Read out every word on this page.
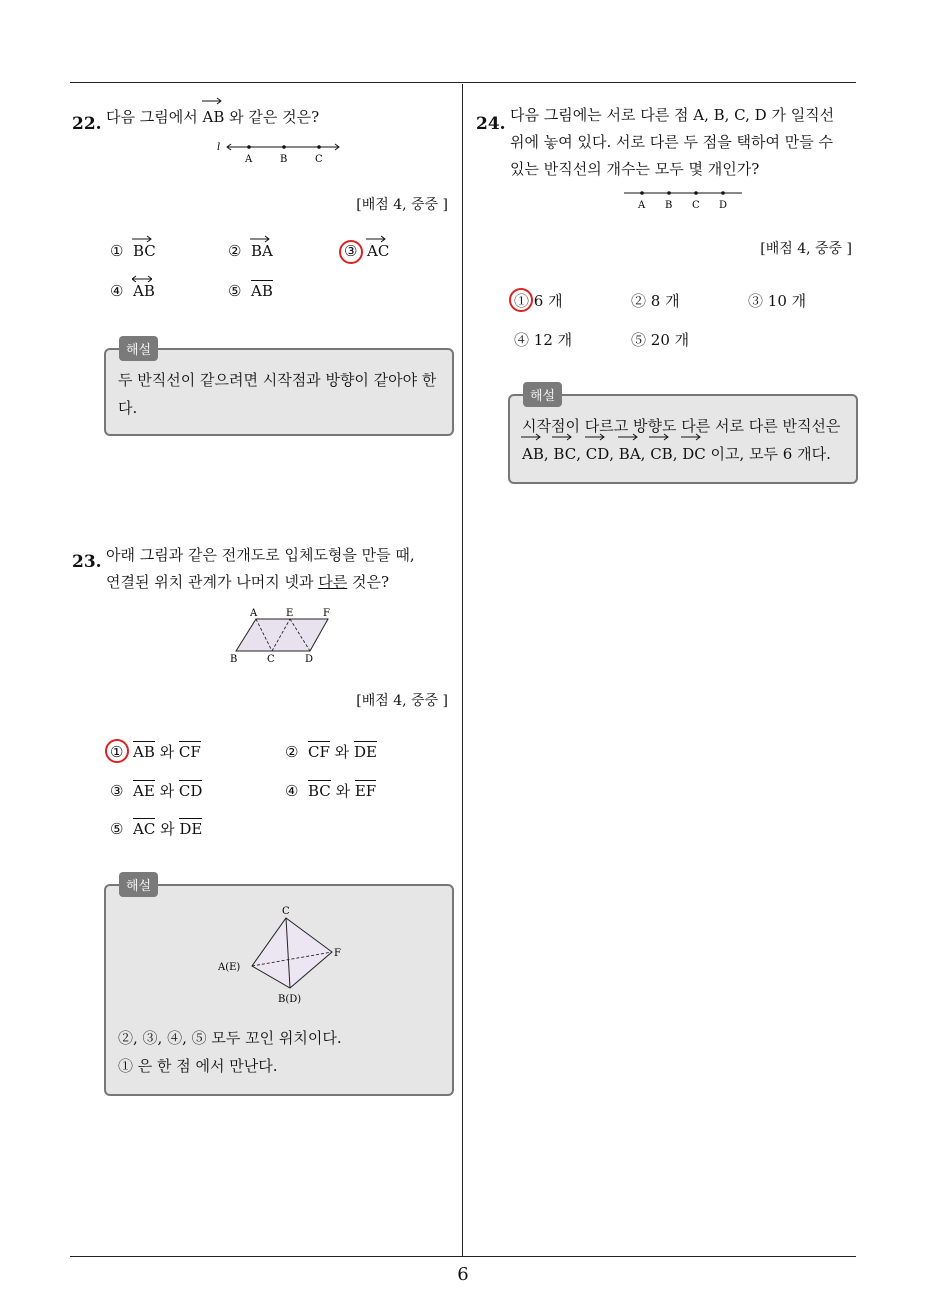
6
22. 다음 그림에서 AB 와 같은 것은?
l
A	B	C
[배점 4, 중중 ]
① BC	② BA	③ AC
④ AB	⑤ AB
두 반직선이 같으려면 시작점과 방향이 같아야 한
다.
해설
23. 아래 그림과 같은 전개도로 입체도형을 만들 때,
연결된 위치 관계가 나머지 넷과 다른 것은?
A	E	F
B	C	D
[배점 4, 중중 ]
① AB 와 CF	② CF 와 DE
③ AE 와 CD	④ BC 와 EF
⑤ AC 와 DE
C
F
A(E)
B(D)
②, ③, ④, ⑤ 모두 꼬인 위치이다.
① 은 한 점 에서 만난다.
해설
24. 다음 그림에는 서로 다른 점 A, B, C, D 가 일직선
위에 놓여 있다. 서로 다른 두 점을 택하여 만들 수
있는 반직선의 개수는 모두 몇 개인가?
A B C D
[배점 4, 중중 ]
① 6 개	② 8 개	③ 10 개
④ 12 개	⑤ 20 개
시작점이 다르고 방향도 다른 서로 다른 반직선은
AB
, BC
, CD
, BA
, CB
, DC 이고, 모두 6 개다.
해설
